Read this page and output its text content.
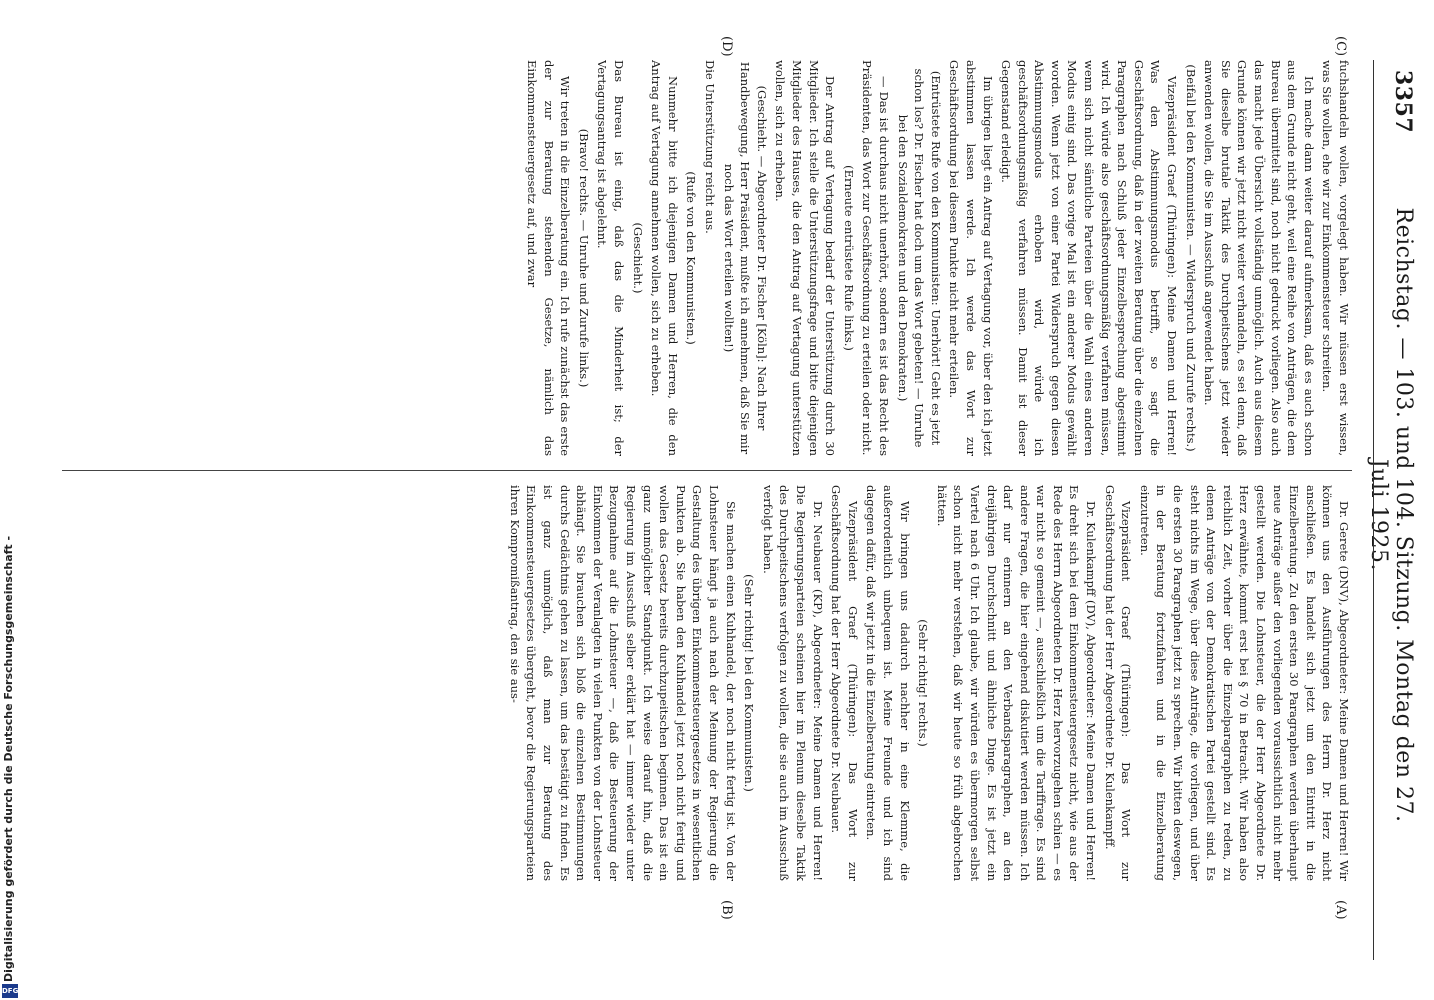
3357
Reichstag. — 103. und 104. Sitzung. Montag den 27. Juli 1925.
(A)
(B)
(C)
(D)

Dr. Gerete (DNV), Abgeordneter: Meine Damen und Herren! Wir können uns den Ausführungen des Herrn Dr. Herz nicht anschließen. Es handelt sich jetzt um den Eintritt in die Einzelberatung. Zu den ersten 30 Paragraphen werden überhaupt neue Anträge außer den vorliegenden voraussichtlich nicht mehr gestellt werden. Die Lohnsteuer, die der Herr Abgeordnete Dr. Herz erwähnte, kommt erst bei § 70 in Betracht. Wir haben also reichlich Zeit, vorher über die Einzelparagraphen zu reden, zu denen Anträge von der Demokratischen Partei gestellt sind. Es steht nichts im Wege, über diese Anträge, die vorliegen, und über die ersten 30 Paragraphen jetzt zu sprechen. Wir bitten deswegen, in der Beratung fortzufahren und in die Einzelberatung einzutreten.

Vizepräsident Graef (Thüringen): Das Wort zur Geschäftsordnung hat der Herr Abgeordnete Dr. Kulenkampff.

Dr. Kulenkampff (DV), Abgeordneter: Meine Damen und Herren! Es dreht sich bei dem Einkommensteuergesetz nicht, wie aus der Rede des Herrn Abgeordneten Dr. Herz hervorzugehen schien — es war nicht so gemeint —, ausschließlich um die Tariffrage. Es sind andere Fragen, die hier eingehend diskutiert werden müssen. Ich darf nur erinnern an den Verbandsparagraphen, an den dreijährigen Durchschnitt und ähnliche Dinge. Es ist jetzt ein Viertel nach 6 Uhr. Ich glaube, wir würden es übermorgen selbst schon nicht mehr verstehen, daß wir heute so früh abgebrochen hätten.

(Sehr richtig! rechts.)

Wir bringen uns dadurch nachher in eine Klemme, die außerordentlich unbequem ist. Meine Freunde und ich sind dagegen dafür, daß wir jetzt in die Einzelberatung eintreten.

Vizepräsident Graef (Thüringen): Das Wort zur Geschäftsordnung hat der Herr Abgeordnete Dr. Neubauer.

Dr. Neubauer (KP), Abgeordneter: Meine Damen und Herren! Die Regierungsparteien scheinen hier im Plenum dieselbe Taktik des Durchpeitschens verfolgen zu wollen, die sie auch im Ausschuß verfolgt haben.

(Sehr richtig! bei den Kommunisten.)

Sie machen einen Kuhhandel, der noch nicht fertig ist. Von der Lohnsteuer hängt ja auch nach der Meinung der Regierung die Gestaltung des übrigen Einkommensteuergesetzes in wesentlichen Punkten ab. Sie haben den Kuhhandel jetzt noch nicht fertig und wollen das Gesetz bereits durchzupeitschen beginnen. Das ist ein ganz unmöglicher Standpunkt. Ich weise darauf hin, daß die Regierung im Ausschuß selber erklärt hat — immer wieder unter Bezugnahme auf die Lohnsteuer —, daß die Besteuerung der Einkommen der Veranlagten in vielen Punkten von der Lohnsteuer abhängt. Sie brauchen sich bloß die einzelnen Bestimmungen durchs Gedächtnis gehen zu lassen, um das bestätigt zu finden. Es ist ganz unmöglich, daß man zur Beratung des Einkommensteuergesetzes übergeht, bevor die Regierungsparteien ihren Kompromißantrag, den sie aus-

fuchshandeln wollen, vorgelegt haben. Wir müssen erst wissen, was Sie wollen, ehe wir zur Einkommensteuer schreiten.

Ich mache dann weiter darauf aufmerksam, daß es auch schon aus dem Grunde nicht geht, weil eine Reihe von Anträgen, die dem Bureau übermittelt sind, noch nicht gedruckt vorliegen. Also auch das macht jede Übersicht vollständig unmöglich. Auch aus diesem Grunde können wir jetzt nicht weiter verhandeln, es sei denn, daß Sie dieselbe brutale Taktik des Durchpeitschens jetzt wieder anwenden wollen, die Sie im Ausschuß angewendet haben.

(Beifall bei den Kommunisten. — Widerspruch und Zurufe rechts.)

Vizepräsident Graef (Thüringen): Meine Damen und Herren! Was den Abstimmungsmodus betrifft, so sagt die Geschäftsordnung, daß in der zweiten Beratung über die einzelnen Paragraphen nach Schluß jeder Einzelbesprechung abgestimmt wird. Ich würde also geschäftsordnungsmäßig verfahren müssen, wenn sich nicht sämtliche Parteien über die Wahl eines anderen Modus einig sind. Das vorige Mal ist ein anderer Modus gewählt worden. Wenn jetzt von einer Partei Widerspruch gegen diesen Abstimmungsmodus erhoben wird, würde ich geschäftsordnungsmäßig verfahren müssen. Damit ist dieser Gegenstand erledigt.

Im übrigen liegt ein Antrag auf Vertagung vor, über den ich jetzt abstimmen lassen werde. Ich werde das Wort zur Geschäftsordnung bei diesem Punkte nicht mehr erteilen.

(Entrüstete Rufe von den Kommunisten: Unerhört! Geht es jetzt schon los? Dr. Fischer hat doch um das Wort gebeten! — Unruhe bei den Sozialdemokraten und den Demokraten.)

— Das ist durchaus nicht unerhört, sondern es ist das Recht des Präsidenten, das Wort zur Geschäftsordnung zu erteilen oder nicht.

(Erneute entrüstete Rufe links.)

Der Antrag auf Vertagung bedarf der Unterstützung durch 30 Mitglieder. Ich stelle die Unterstützungsfrage und bitte diejenigen Mitglieder des Hauses, die den Antrag auf Vertagung unterstützen wollen, sich zu erheben.

(Geschieht. — Abgeordneter Dr. Fischer [Köln]: Nach Ihrer Handbewegung, Herr Präsident, mußte ich annehmen, daß Sie mir noch das Wort erteilen wollten!)

Die Unterstützung reicht aus.

(Rufe von den Kommunisten.)

Nunmehr bitte ich diejenigen Damen und Herren, die den Antrag auf Vertagung annehmen wollen, sich zu erheben.

(Geschieht.)

Das Bureau ist einig, daß das die Minderheit ist; der Vertagungsantrag ist abgelehnt.

(Bravo! rechts. — Unruhe und Zurufe links.)

Wir treten in die Einzelberatung ein. Ich rufe zunächst das erste der zur Beratung stehenden Gesetze, nämlich das Einkommensteuergesetz auf, und zwar

Digitalisierung gefördert durch die Deutsche Forschungsgemeinschaft -
DFG
